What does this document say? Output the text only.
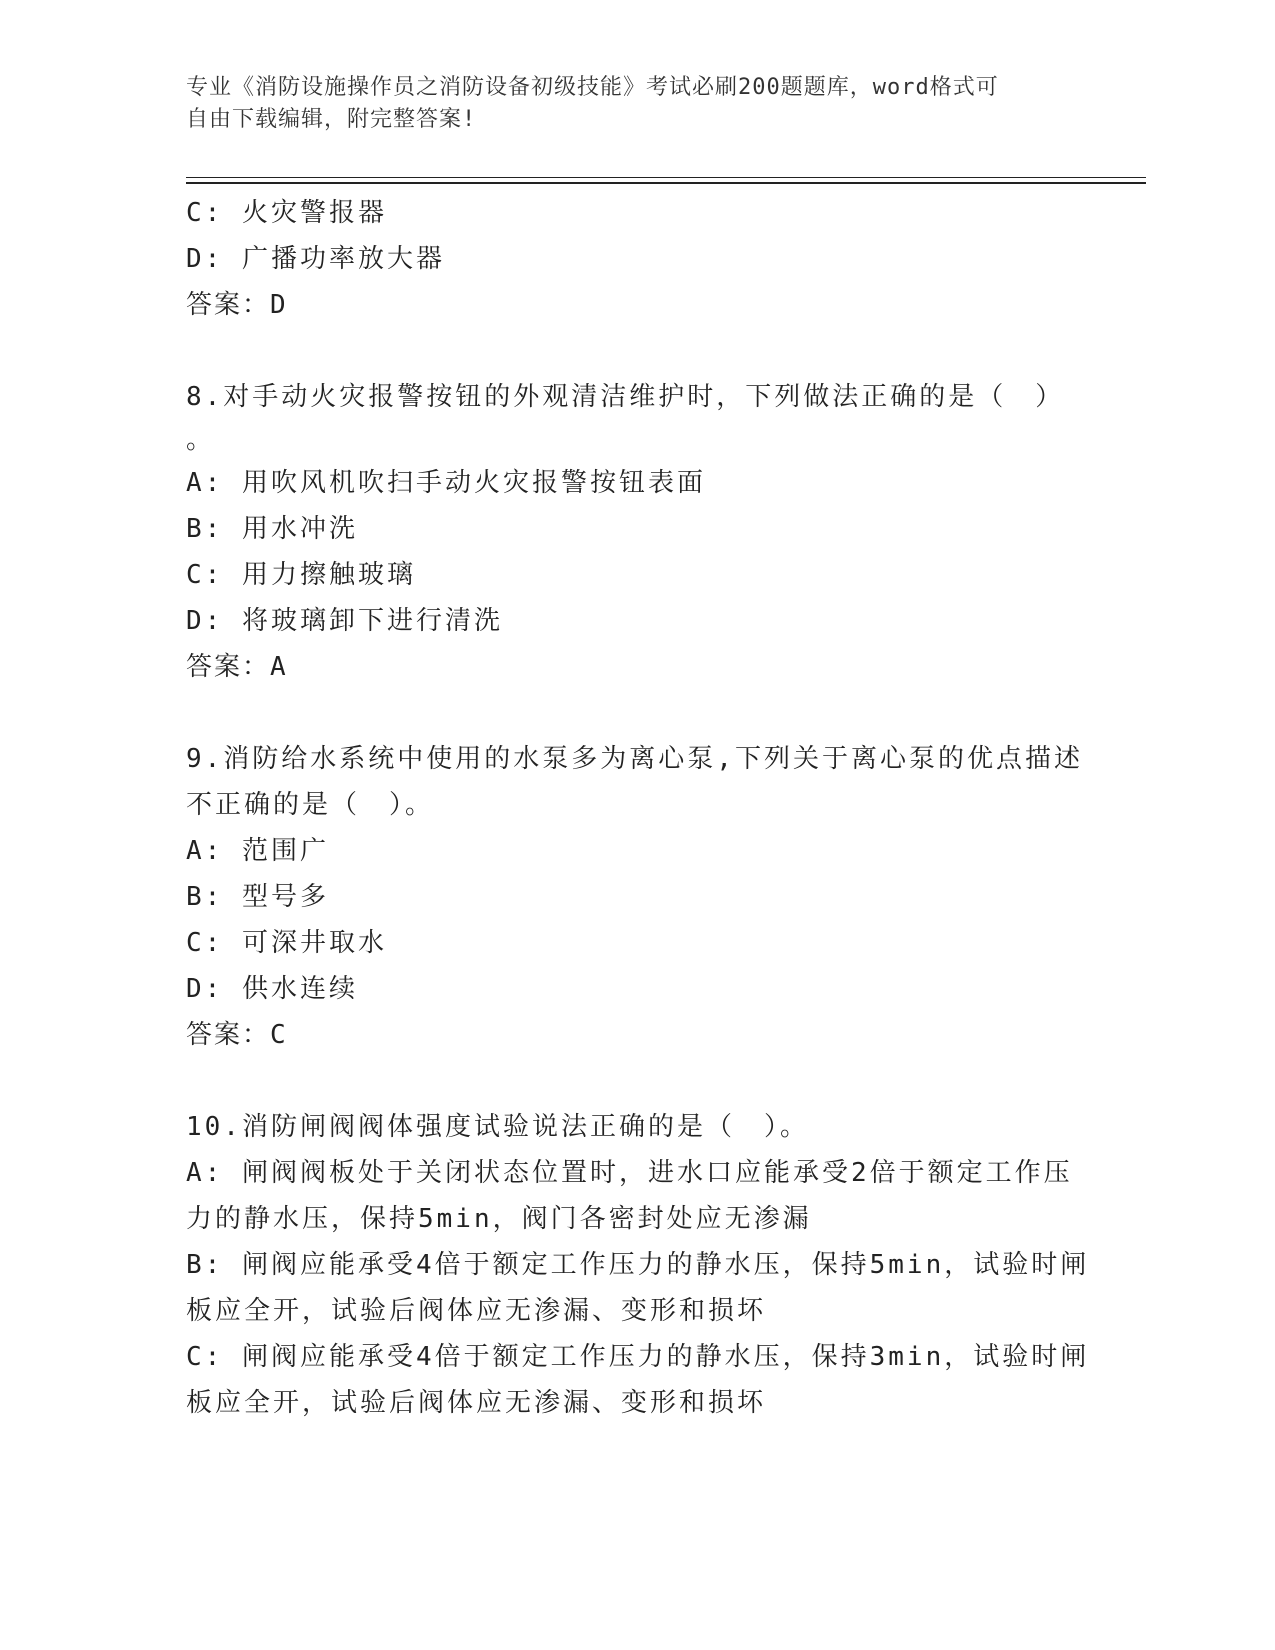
专业《消防设施操作员之消防设备初级技能》考试必刷200题题库，word格式可
自由下载编辑，附完整答案!
C: 火灾警报器
D: 广播功率放大器
答案：D
8.对手动火灾报警按钮的外观清洁维护时，下列做法正确的是（　）
。
A: 用吹风机吹扫手动火灾报警按钮表面
B: 用水冲洗
C: 用力擦触玻璃
D: 将玻璃卸下进行清洗
答案：A
9.消防给水系统中使用的水泵多为离心泵,下列关于离心泵的优点描述
不正确的是（　）。
A: 范围广
B: 型号多
C: 可深井取水
D: 供水连续
答案：C
10.消防闸阀阀体强度试验说法正确的是（　）。
A: 闸阀阀板处于关闭状态位置时，进水口应能承受2倍于额定工作压
力的静水压，保持5min，阀门各密封处应无渗漏
B: 闸阀应能承受4倍于额定工作压力的静水压，保持5min，试验时闸
板应全开，试验后阀体应无渗漏、变形和损坏
C: 闸阀应能承受4倍于额定工作压力的静水压，保持3min，试验时闸
板应全开，试验后阀体应无渗漏、变形和损坏
